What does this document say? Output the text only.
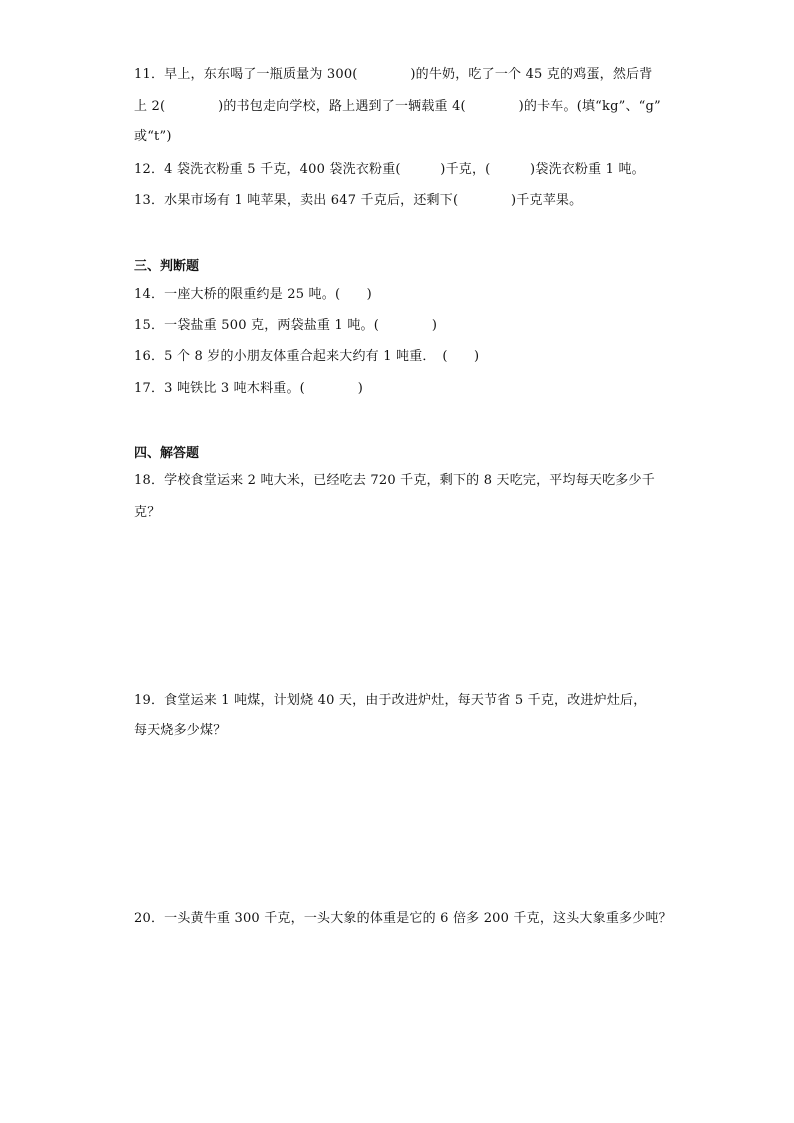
11．早上，东东喝了一瓶质量为 300(　　　　)的牛奶，吃了一个 45 克的鸡蛋，然后背
上 2(　　　　)的书包走向学校，路上遇到了一辆载重 4(　　　　)的卡车。(填“kg”、“g”
或“t”)
12．4 袋洗衣粉重 5 千克，400 袋洗衣粉重(　　　)千克，(　　　)袋洗衣粉重 1 吨。
13．水果市场有 1 吨苹果，卖出 647 千克后，还剩下(　　　　)千克苹果。
三、判断题
14．一座大桥的限重约是 25 吨。(　　)
15．一袋盐重 500 克，两袋盐重 1 吨。(　　　　)
16．5 个 8 岁的小朋友体重合起来大约有 1 吨重．　(　　)
17．3 吨铁比 3 吨木料重。(　　　　)
四、解答题
18．学校食堂运来 2 吨大米，已经吃去 720 千克，剩下的 8 天吃完，平均每天吃多少千
克？
19．食堂运来 1 吨煤，计划烧 40 天，由于改进炉灶，每天节省 5 千克，改进炉灶后，
每天烧多少煤？
20．一头黄牛重 300 千克，一头大象的体重是它的 6 倍多 200 千克，这头大象重多少吨？
